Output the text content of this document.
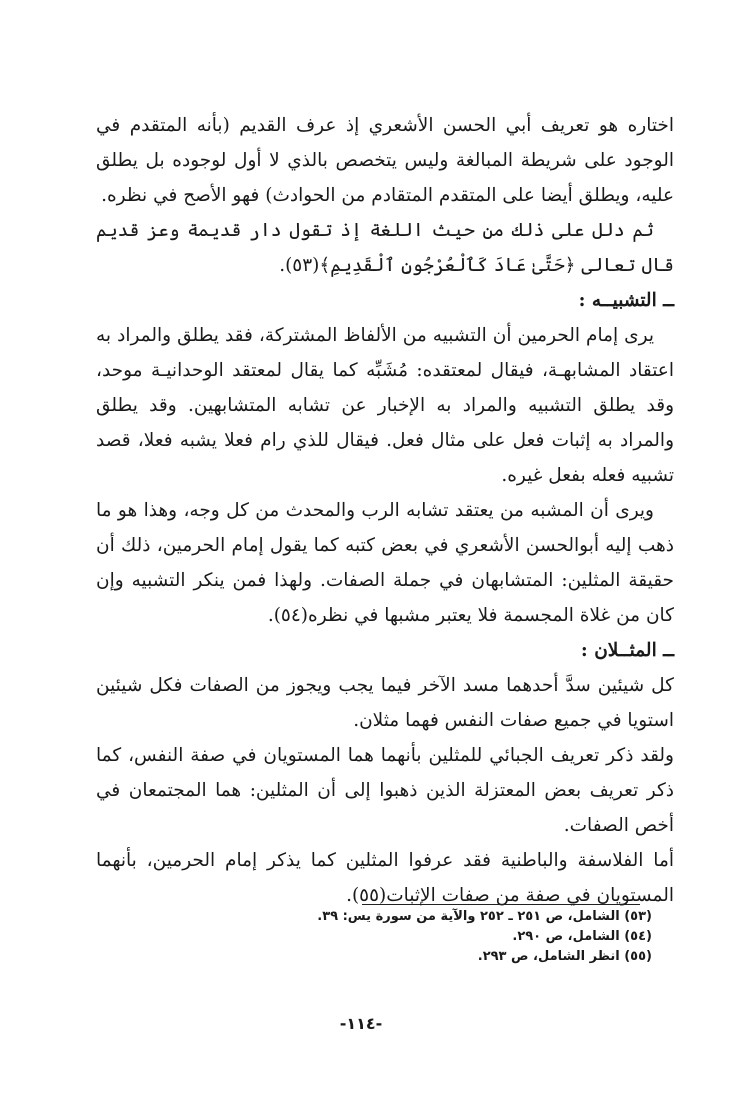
اختاره هو تعريف أبي الحسن الأشعري إذ عرف القديم (بأنه المتقدم في الوجود على شريطة المبالغة وليس يتخصص بالذي لا أول لوجوده بل يطلق عليه، ويطلق أيضا على المتقدم المتقادم من الحوادث) فهو الأصح في نظره.

ثم دلل على ذلك من حيث اللغة إذ تقول دار قديمة وعز قديم قال تعالى ﴿حَتَّىٰ عَادَ كَٱلْعُرْجُونِ ٱلْقَدِيمِ﴾(٥٣).

ــ التشبيــه :

يرى إمام الحرمين أن التشبيه من الألفاظ المشتركة، فقد يطلق والمراد به اعتقاد المشابهـة، فيقال لمعتقده: مُشَبِّه كما يقال لمعتقد الوحدانيـة موحد، وقد يطلق التشبيه والمراد به الإخبار عن تشابه المتشابهين. وقد يطلق والمراد به إثبات فعل على مثال فعل. فيقال للذي رام فعلا يشبه فعلا، قصد تشبيه فعله بفعل غيره.

ويرى أن المشبه من يعتقد تشابه الرب والمحدث من كل وجه، وهذا هو ما ذهب إليه أبوالحسن الأشعري في بعض كتبه كما يقول إمام الحرمين، ذلك أن حقيقة المثلين: المتشابهان في جملة الصفات. ولهذا فمن ينكر التشبيه وإن كان من غلاة المجسمة فلا يعتبر مشبها في نظره(٥٤).

ــ المثــلان :

كل شيئين سدَّ أحدهما مسد الآخر فيما يجب ويجوز من الصفات فكل شيئين استويا في جميع صفات النفس فهما مثلان.

ولقد ذكر تعريف الجبائي للمثلين بأنهما هما المستويان في صفة النفس، كما ذكر تعريف بعض المعتزلة الذين ذهبوا إلى أن المثلين: هما المجتمعان في أخص الصفات.

أما الفلاسفة والباطنية فقد عرفوا المثلين كما يذكر إمام الحرمين، بأنهما المستويان في صفة من صفات الإثبات(٥٥).

(٥٣) الشامل، ص ٢٥١ ـ ٢٥٢ والآية من سورة يس: ٣٩.

(٥٤) الشامل، ص ٢٩٠.

(٥٥) انظر الشامل، ص ٢٩٣.

-١١٤-
